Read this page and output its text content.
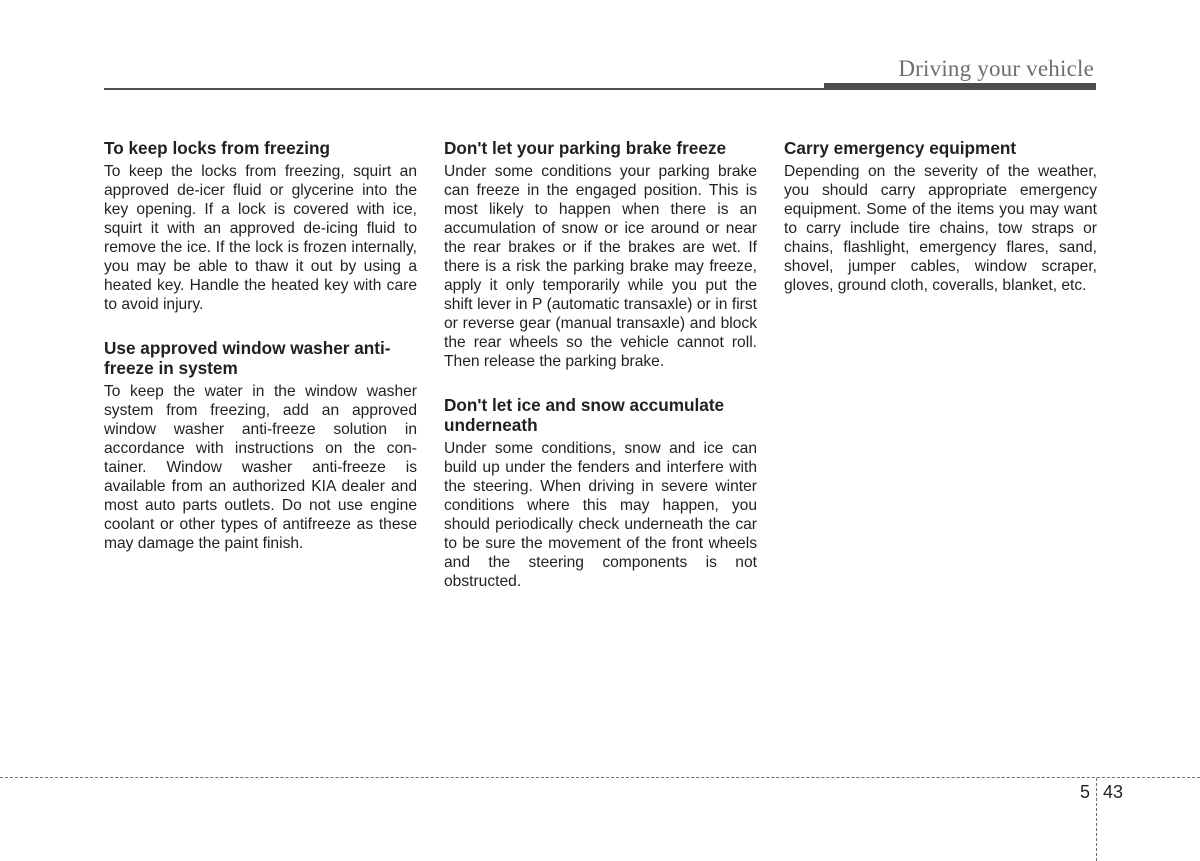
Driving your vehicle
To keep locks from freezing

To keep the locks from freezing, squirt an approved de-icer fluid or glycerine into the key opening. If a lock is covered with ice, squirt it with an approved de-icing fluid to remove the ice. If the lock is frozen internally, you may be able to thaw it out by using a heated key. Handle the heated key with care to avoid injury.

Use approved window washer anti-freeze in system

To keep the water in the window washer system from freezing, add an approved window washer anti-freeze solution in accordance with instructions on the container. Window washer anti-freeze is available from an authorized KIA dealer and most auto parts outlets. Do not use engine coolant or other types of antifreeze as these may damage the paint finish.

Don't let your parking brake freeze

Under some conditions your parking brake can freeze in the engaged position. This is most likely to happen when there is an accumulation of snow or ice around or near the rear brakes or if the brakes are wet. If there is a risk the parking brake may freeze, apply it only temporarily while you put the shift lever in P (automatic transaxle) or in first or reverse gear (manual transaxle) and block the rear wheels so the vehicle cannot roll. Then release the parking brake.

Don't let ice and snow accumulate underneath

Under some conditions, snow and ice can build up under the fenders and interfere with the steering. When driving in severe winter conditions where this may happen, you should periodically check underneath the car to be sure the movement of the front wheels and the steering components is not obstructed.

Carry emergency equipment

Depending on the severity of the weather, you should carry appropriate emergency equipment. Some of the items you may want to carry include tire chains, tow straps or chains, flashlight, emergency flares, sand, shovel, jumper cables, window scraper, gloves, ground cloth, coveralls, blanket, etc.

5 43
